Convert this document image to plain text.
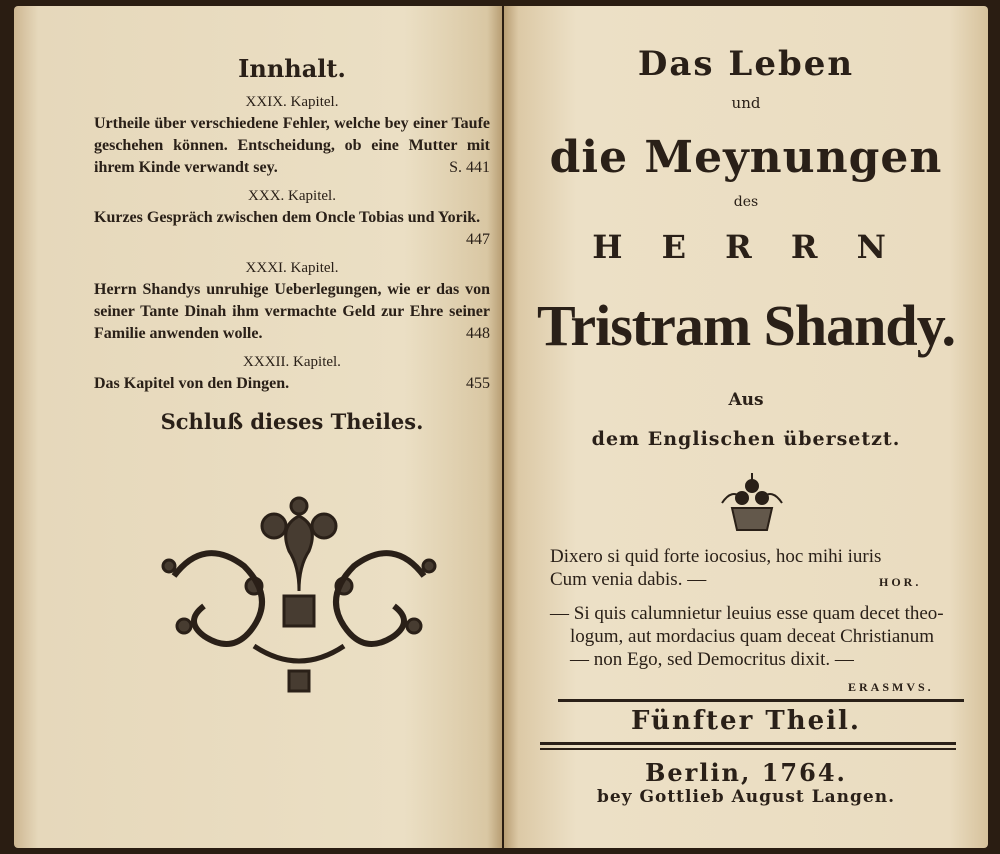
Innhalt.
XXIX. Kapitel.
Urtheile über verschiedene Fehler, welche bey einer Taufe geschehen können. Entscheidung, ob eine Mutter mit ihrem Kinde verwandt sey.	S. 441
XXX. Kapitel.
Kurzes Gespräch zwischen dem Oncle Tobias und Yorik.
447
XXXI. Kapitel.
Herrn Shandys unruhige Ueberlegungen, wie er das von seiner Tante Dinah ihm vermachte Geld zur Ehre seiner Familie anwenden wolle.	448
XXXII. Kapitel.
Das Kapitel von den Dingen.	455
Schluß dieses Theiles.
Das Leben
und
die Meynungen
des
H E R R N
Tristram Shandy.
Aus
dem Englischen übersetzt.
Dixero si quid forte iocosius, hoc mihi iuris
Cum venia dabis. —	HOR.
— Si quis calumnietur leuius esse quam decet theo-
logum, aut mordacius quam deceat Christianum
— non Ego, sed Democritus dixit. —
ERASMVS.
Fünfter Theil.
Berlin, 1764.
bey Gottlieb August Langen.
